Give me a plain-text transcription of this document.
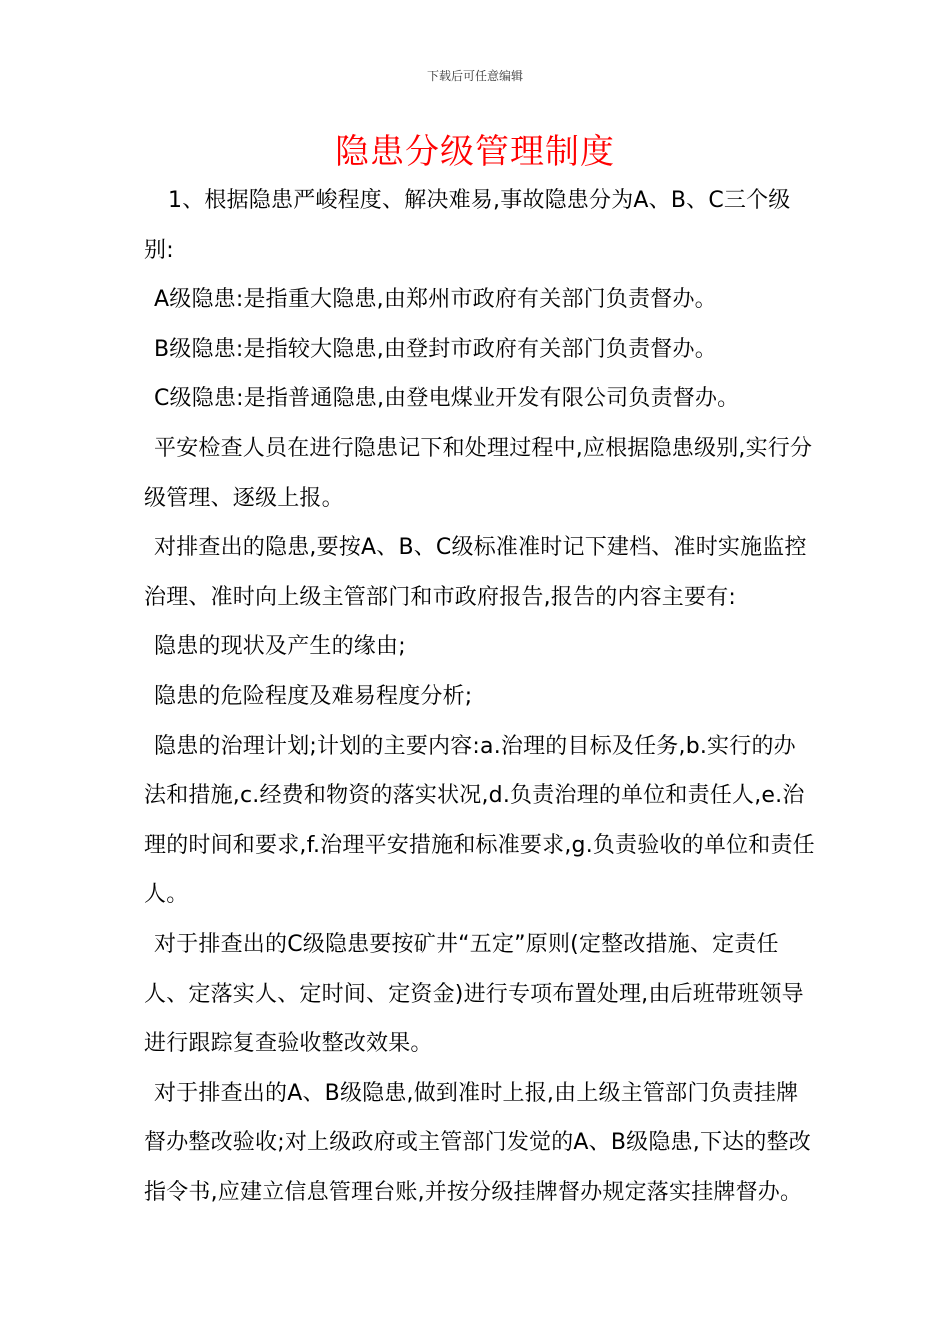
下载后可任意编辑
隐患分级管理制度

1、根据隐患严峻程度、解决难易,事故隐患分为A、B、C三个级别:

A级隐患:是指重大隐患,由郑州市政府有关部门负责督办。

B级隐患:是指较大隐患,由登封市政府有关部门负责督办。

C级隐患:是指普通隐患,由登电煤业开发有限公司负责督办。

平安检查人员在进行隐患记下和处理过程中,应根据隐患级别,实行分级管理、逐级上报。

对排查出的隐患,要按A、B、C级标准准时记下建档、准时实施监控治理、准时向上级主管部门和市政府报告,报告的内容主要有:

隐患的现状及产生的缘由;

隐患的危险程度及难易程度分析;

隐患的治理计划;计划的主要内容:a.治理的目标及任务,b.实行的办法和措施,c.经费和物资的落实状况,d.负责治理的单位和责任人,e.治理的时间和要求,f.治理平安措施和标准要求,g.负责验收的单位和责任人。

对于排查出的C级隐患要按矿井“五定”原则(定整改措施、定责任人、定落实人、定时间、定资金)进行专项布置处理,由后班带班领导进行跟踪复查验收整改效果。

对于排查出的A、B级隐患,做到准时上报,由上级主管部门负责挂牌督办整改验收;对上级政府或主管部门发觉的A、B级隐患,下达的整改指令书,应建立信息管理台账,并按分级挂牌督办规定落实挂牌督办。
